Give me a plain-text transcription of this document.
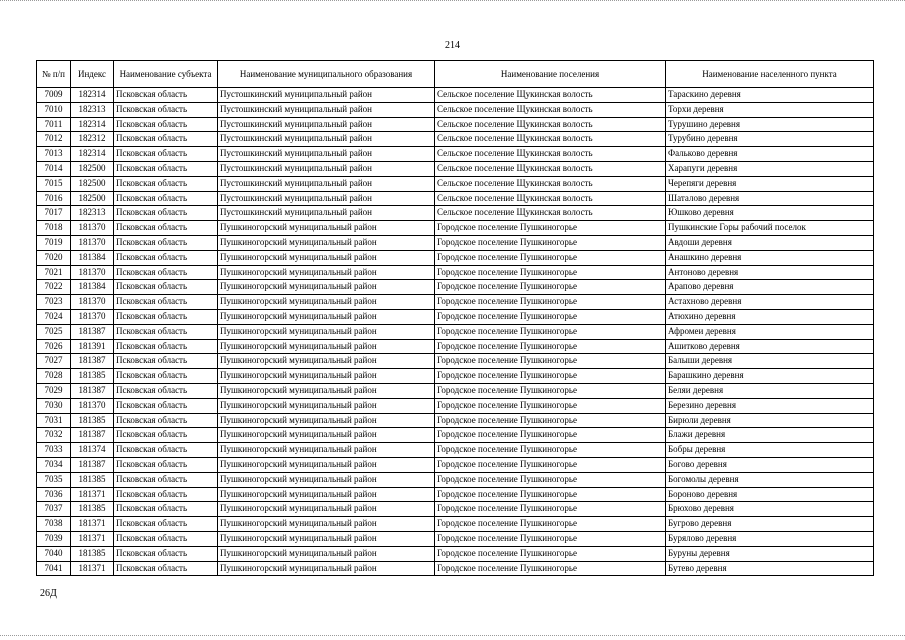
214
№ п/п	Индекс	Наименование субъекта	Наименование муниципального образования	Наименование поселения	Наименование населенного пункта
7009	182314	Псковская область	Пустошкинский муниципальный район	Сельское поселение Щукинская волость	Тараскино деревня
7010	182313	Псковская область	Пустошкинский муниципальный район	Сельское поселение Щукинская волость	Торхи деревня
7011	182314	Псковская область	Пустошкинский муниципальный район	Сельское поселение Щукинская волость	Турушино деревня
7012	182312	Псковская область	Пустошкинский муниципальный район	Сельское поселение Щукинская волость	Турубино деревня
7013	182314	Псковская область	Пустошкинский муниципальный район	Сельское поселение Щукинская волость	Фальково деревня
7014	182500	Псковская область	Пустошкинский муниципальный район	Сельское поселение Щукинская волость	Харапуги деревня
7015	182500	Псковская область	Пустошкинский муниципальный район	Сельское поселение Щукинская волость	Черепяги деревня
7016	182500	Псковская область	Пустошкинский муниципальный район	Сельское поселение Щукинская волость	Шаталово деревня
7017	182313	Псковская область	Пустошкинский муниципальный район	Сельское поселение Щукинская волость	Юшково деревня
7018	181370	Псковская область	Пушкиногорский муниципальный район	Городское поселение Пушкиногорье	Пушкинские Горы рабочий поселок
7019	181370	Псковская область	Пушкиногорский муниципальный район	Городское поселение Пушкиногорье	Авдоши деревня
7020	181384	Псковская область	Пушкиногорский муниципальный район	Городское поселение Пушкиногорье	Анашкино деревня
7021	181370	Псковская область	Пушкиногорский муниципальный район	Городское поселение Пушкиногорье	Антоново деревня
7022	181384	Псковская область	Пушкиногорский муниципальный район	Городское поселение Пушкиногорье	Арапово деревня
7023	181370	Псковская область	Пушкиногорский муниципальный район	Городское поселение Пушкиногорье	Астахново деревня
7024	181370	Псковская область	Пушкиногорский муниципальный район	Городское поселение Пушкиногорье	Атюхино деревня
7025	181387	Псковская область	Пушкиногорский муниципальный район	Городское поселение Пушкиногорье	Афромеи деревня
7026	181391	Псковская область	Пушкиногорский муниципальный район	Городское поселение Пушкиногорье	Ашитково деревня
7027	181387	Псковская область	Пушкиногорский муниципальный район	Городское поселение Пушкиногорье	Балыши деревня
7028	181385	Псковская область	Пушкиногорский муниципальный район	Городское поселение Пушкиногорье	Барашкино деревня
7029	181387	Псковская область	Пушкиногорский муниципальный район	Городское поселение Пушкиногорье	Беляи деревня
7030	181370	Псковская область	Пушкиногорский муниципальный район	Городское поселение Пушкиногорье	Березино деревня
7031	181385	Псковская область	Пушкиногорский муниципальный район	Городское поселение Пушкиногорье	Бирюли деревня
7032	181387	Псковская область	Пушкиногорский муниципальный район	Городское поселение Пушкиногорье	Блажи деревня
7033	181374	Псковская область	Пушкиногорский муниципальный район	Городское поселение Пушкиногорье	Бобры деревня
7034	181387	Псковская область	Пушкиногорский муниципальный район	Городское поселение Пушкиногорье	Богово деревня
7035	181385	Псковская область	Пушкиногорский муниципальный район	Городское поселение Пушкиногорье	Богомолы деревня
7036	181371	Псковская область	Пушкиногорский муниципальный район	Городское поселение Пушкиногорье	Бороново деревня
7037	181385	Псковская область	Пушкиногорский муниципальный район	Городское поселение Пушкиногорье	Брюхово деревня
7038	181371	Псковская область	Пушкиногорский муниципальный район	Городское поселение Пушкиногорье	Бугрово деревня
7039	181371	Псковская область	Пушкиногорский муниципальный район	Городское поселение Пушкиногорье	Бурялово деревня
7040	181385	Псковская область	Пушкиногорский муниципальный район	Городское поселение Пушкиногорье	Буруны деревня
7041	181371	Псковская область	Пушкиногорский муниципальный район	Городское поселение Пушкиногорье	Бутево деревня
26Д
